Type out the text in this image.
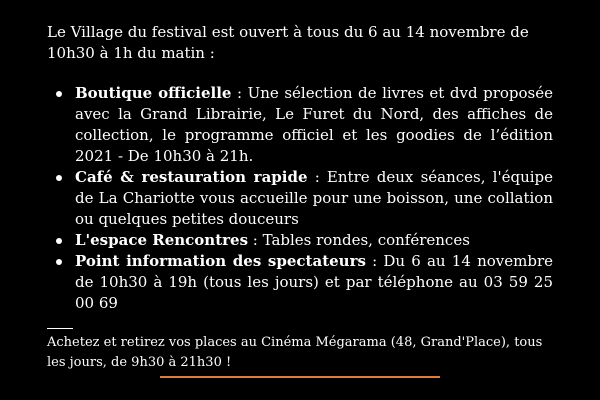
Le Village du festival est ouvert à tous du 6 au 14 novembre de 10h30 à 1h du matin :

Boutique officielle : Une sélection de livres et dvd proposée avec la Grand Librairie, Le Furet du Nord, des affiches de collection, le programme officiel et les goodies de l’édition 2021 - De 10h30 à 21h.
Café & restauration rapide : Entre deux séances, l'équipe de La Chariotte vous accueille pour une boisson, une collation ou quelques petites douceurs
L'espace Rencontres : Tables rondes, conférences
Point information des spectateurs : Du 6 au 14 novembre de 10h30 à 19h (tous les jours) et par téléphone au 03 59 25 00 69

Achetez et retirez vos places au Cinéma Mégarama (48, Grand'Place), tous les jours, de 9h30 à 21h30 !
